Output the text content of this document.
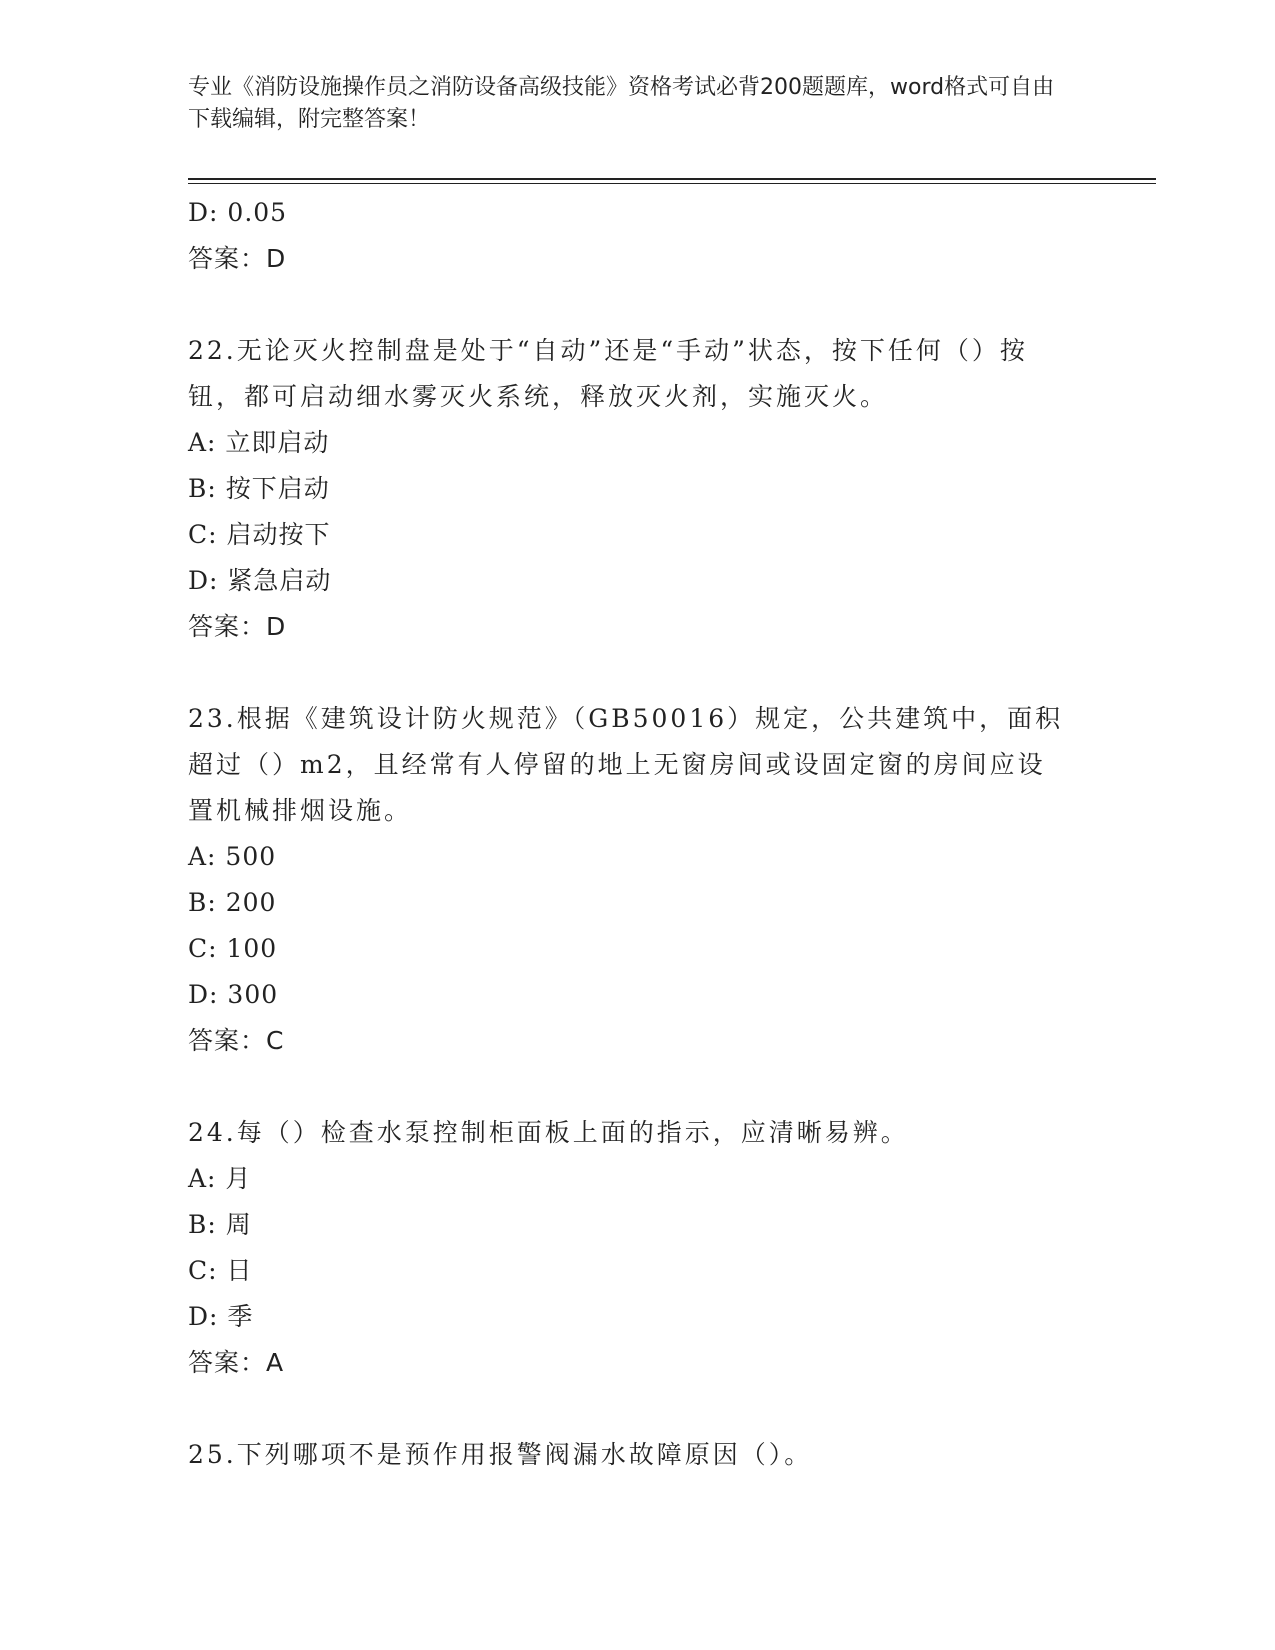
专业《消防设施操作员之消防设备高级技能》资格考试必背200题题库，word格式可自由下载编辑，附完整答案！
D: 0.05
答案：D
22.无论灭火控制盘是处于“自动”还是“手动”状态，按下任何（）按钮，都可启动细水雾灭火系统，释放灭火剂，实施灭火。
A: 立即启动
B: 按下启动
C: 启动按下
D: 紧急启动
答案：D
23.根据《建筑设计防火规范》（GB50016）规定，公共建筑中，面积超过（）m2，且经常有人停留的地上无窗房间或设固定窗的房间应设置机械排烟设施。
A: 500
B: 200
C: 100
D: 300
答案：C
24.每（）检查水泵控制柜面板上面的指示，应清晰易辨。
A: 月
B: 周
C: 日
D: 季
答案：A
25.下列哪项不是预作用报警阀漏水故障原因（）。
